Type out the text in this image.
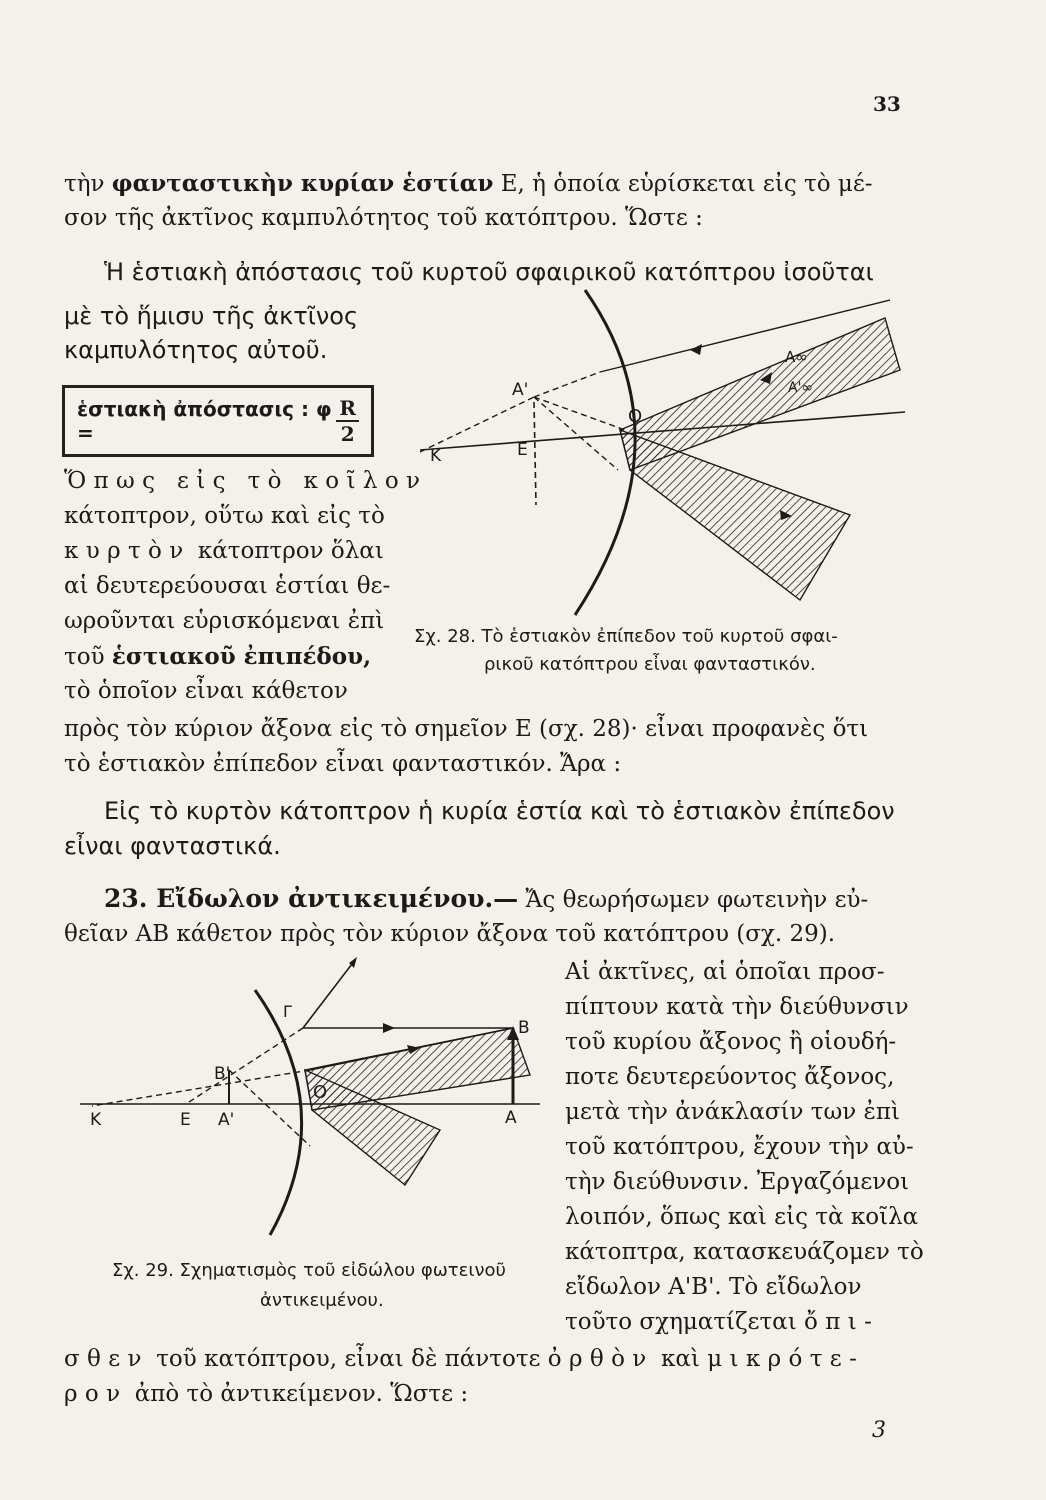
33
τὴν φανταστικὴν κυρίαν ἑστίαν Ε, ἡ ὁποία εὑρίσκεται εἰς τὸ μέ-
σον τῆς ἀκτῖνος καμπυλότητος τοῦ κατόπτρου. Ὥστε :
Ἡ ἑστιακὴ ἀπόστασις τοῦ κυρτοῦ σφαιρικοῦ κατόπτρου ἰσοῦται
μὲ τὸ ἥμισυ τῆς ἀκτῖνος
καμπυλότητος αὐτοῦ.
ἑστιακὴ ἀπόστασις : φ =	$\frac{R}{2}$
Ὅπως εἰς τὸ κοῖλον
κάτοπτρον, οὕτω καὶ εἰς τὸ
κυρτὸν κάτοπτρον ὅλαι
αἱ δευτερεύουσαι ἑστίαι θε-
ωροῦνται εὑρισκόμεναι ἐπὶ
τοῦ ἑστιακοῦ ἐπιπέδου,
τὸ ὁποῖον εἶναι κάθετον
Σχ. 28. Τὸ ἑστιακὸν ἐπίπεδον τοῦ κυρτοῦ σφαι-
ρικοῦ κατόπτρου εἶναι φανταστικόν.
Α'
Ε
Κ
Ο
Α∞
Α'∞
πρὸς τὸν κύριον ἄξονα εἰς τὸ σημεῖον Ε (σχ. 28)· εἶναι προφανὲς ὅτι
τὸ ἑστιακὸν ἐπίπεδον εἶναι φανταστικόν. Ἄρα :
Εἰς τὸ κυρτὸν κάτοπτρον ἡ κυρία ἑστία καὶ τὸ ἑστιακὸν ἐπίπεδον
εἶναι φανταστικά.
23. Εἴδωλον ἀντικειμένου.— Ἄς θεωρήσωμεν φωτεινὴν εὐ-
θεῖαν ΑΒ κάθετον πρὸς τὸν κύριον ἄξονα τοῦ κατόπτρου (σχ. 29).
Αἱ ἀκτῖνες, αἱ ὁποῖαι προσ-
πίπτουν κατὰ τὴν διεύθυνσιν
τοῦ κυρίου ἄξονος ἢ οἱουδή-
ποτε δευτερεύοντος ἄξονος,
μετὰ τὴν ἀνάκλασίν των ἐπὶ
τοῦ κατόπτρου, ἔχουν τὴν αὐ-
τὴν διεύθυνσιν. Ἐργαζόμενοι
λοιπόν, ὅπως καὶ εἰς τὰ κοῖλα
κάτοπτρα, κατασκευάζομεν τὸ
εἴδωλον Α'Β'. Τὸ εἴδωλον
τοῦτο σχηματίζεται ὄπι-
Κ	Ε Α'
Β'
Ο
Β
Α
Γ
Σχ. 29. Σχηματισμὸς τοῦ εἰδώλου φωτεινοῦ
ἀντικειμένου.
σθεν τοῦ κατόπτρου, εἶναι δὲ πάντοτε ὀρθὸν καὶ μικρότε-
ρον ἀπὸ τὸ ἀντικείμενον. Ὥστε :
3
